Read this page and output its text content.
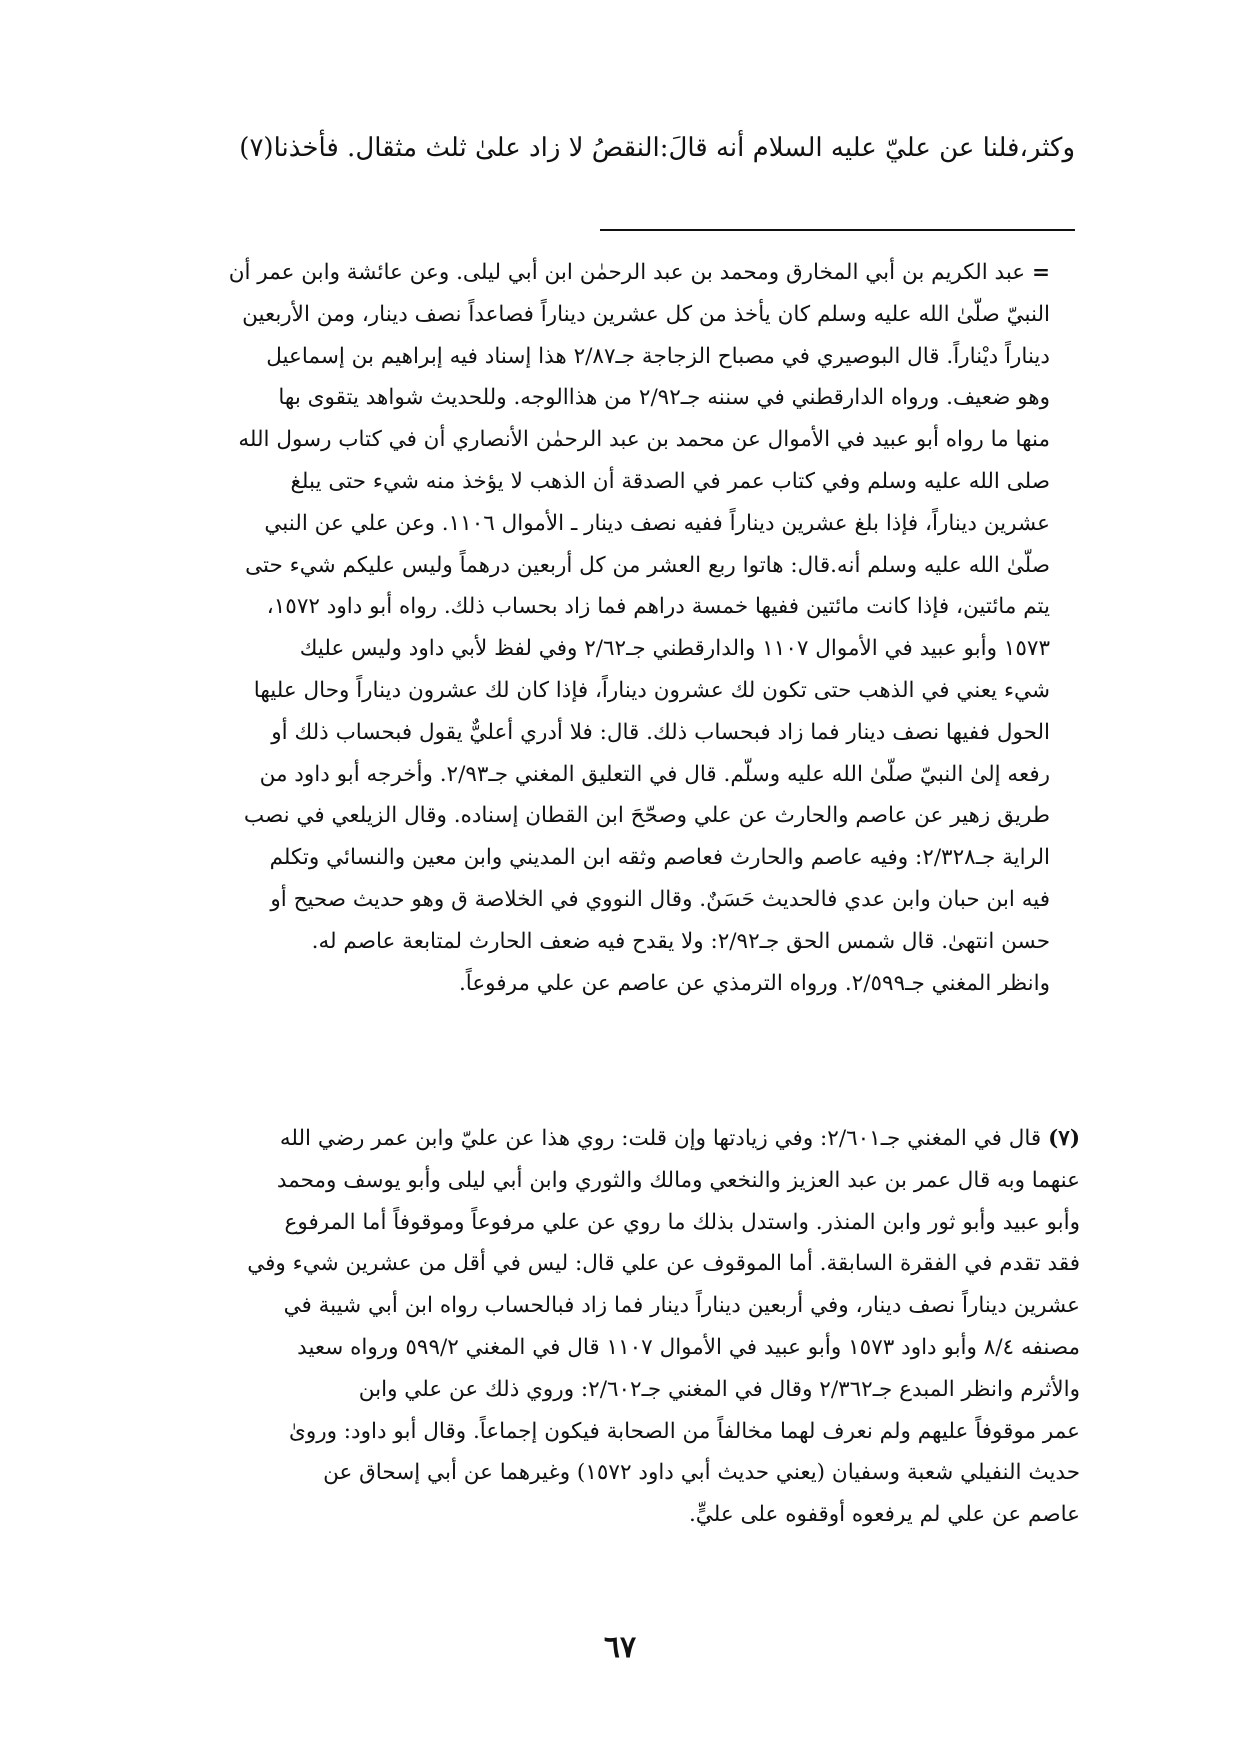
وكثر،فلنا عن عليّ عليه السلام أنه قالَ:النقصُ لا زاد علىٰ ثلث مثقال. فأخذنا(٧)
= عبد الكريم بن أبي المخارق ومحمد بن عبد الرحمٰن ابن أبي ليلى. وعن عائشة وابن عمر أن
النبيّ صلّىٰ الله عليه وسلم كان يأخذ من كل عشرين ديناراً فصاعداً نصف دينار، ومن الأربعين
ديناراً ديْناراً. قال البوصيري في مصباح الزجاجة جـ٢/٨٧ هذا إسناد فيه إبراهيم بن إسماعيل
وهو ضعيف. ورواه الدارقطني في سننه جـ٢/٩٢ من هذاالوجه. وللحديث شواهد يتقوى بها
منها ما رواه أبو عبيد في الأموال عن محمد بن عبد الرحمٰن الأنصاري أن في كتاب رسول الله
صلى الله عليه وسلم وفي كتاب عمر في الصدقة أن الذهب لا يؤخذ منه شيء حتى يبلغ
عشرين ديناراً، فإذا بلغ عشرين ديناراً ففيه نصف دينار ـ الأموال ١١٠٦. وعن علي عن النبي
صلّىٰ الله عليه وسلم أنه.قال: هاتوا ربع العشر من كل أربعين درهماً وليس عليكم شيء حتى
يتم مائتين، فإذا كانت مائتين ففيها خمسة دراهم فما زاد بحساب ذلك. رواه أبو داود ١٥٧٢،
١٥٧٣ وأبو عبيد في الأموال ١١٠٧ والدارقطني جـ٢/٦٢ وفي لفظ لأبي داود وليس عليك
شيء يعني في الذهب حتى تكون لك عشرون ديناراً، فإذا كان لك عشرون ديناراً وحال عليها
الحول ففيها نصف دينار فما زاد فبحساب ذلك. قال: فلا أدري أعليٌّ يقول فبحساب ذلك أو
رفعه إلىٰ النبيّ صلّىٰ الله عليه وسلّم. قال في التعليق المغني جـ٢/٩٣. وأخرجه أبو داود من
طريق زهير عن عاصم والحارث عن علي وصحّحَ ابن القطان إسناده. وقال الزيلعي في نصب
الراية جـ٢/٣٢٨: وفيه عاصم والحارث فعاصم وثقه ابن المديني وابن معين والنسائي وتكلم
فيه ابن حبان وابن عدي فالحديث حَسَنٌ. وقال النووي في الخلاصة ق وهو حديث صحيح أو
حسن انتهىٰ. قال شمس الحق جـ٢/٩٢: ولا يقدح فيه ضعف الحارث لمتابعة عاصم له.
وانظر المغني جـ٢/٥٩٩. ورواه الترمذي عن عاصم عن علي مرفوعاً.
(٧) قال في المغني جـ٢/٦٠١: وفي زيادتها وإن قلت: روي هذا عن عليّ وابن عمر رضي الله
عنهما وبه قال عمر بن عبد العزيز والنخعي ومالك والثوري وابن أبي ليلى وأبو يوسف ومحمد
وأبو عبيد وأبو ثور وابن المنذر. واستدل بذلك ما روي عن علي مرفوعاً وموقوفاً أما المرفوع
فقد تقدم في الفقرة السابقة. أما الموقوف عن علي قال: ليس في أقل من عشرين شيء وفي
عشرين ديناراً نصف دينار، وفي أربعين ديناراً دينار فما زاد فبالحساب رواه ابن أبي شيبة في
مصنفه ٨/٤ وأبو داود ١٥٧٣ وأبو عبيد في الأموال ١١٠٧ قال في المغني ٥٩٩/٢ ورواه سعيد
والأثرم وانظر المبدع جـ٢/٣٦٢ وقال في المغني جـ٢/٦٠٢: وروي ذلك عن علي وابن
عمر موقوفاً عليهم ولم نعرف لهما مخالفاً من الصحابة فيكون إجماعاً. وقال أبو داود: وروىٰ
حديث النفيلي شعبة وسفيان (يعني حديث أبي داود ١٥٧٢) وغيرهما عن أبي إسحاق عن
عاصم عن علي لم يرفعوه أوقفوه على عليٍّ.
٦٧
